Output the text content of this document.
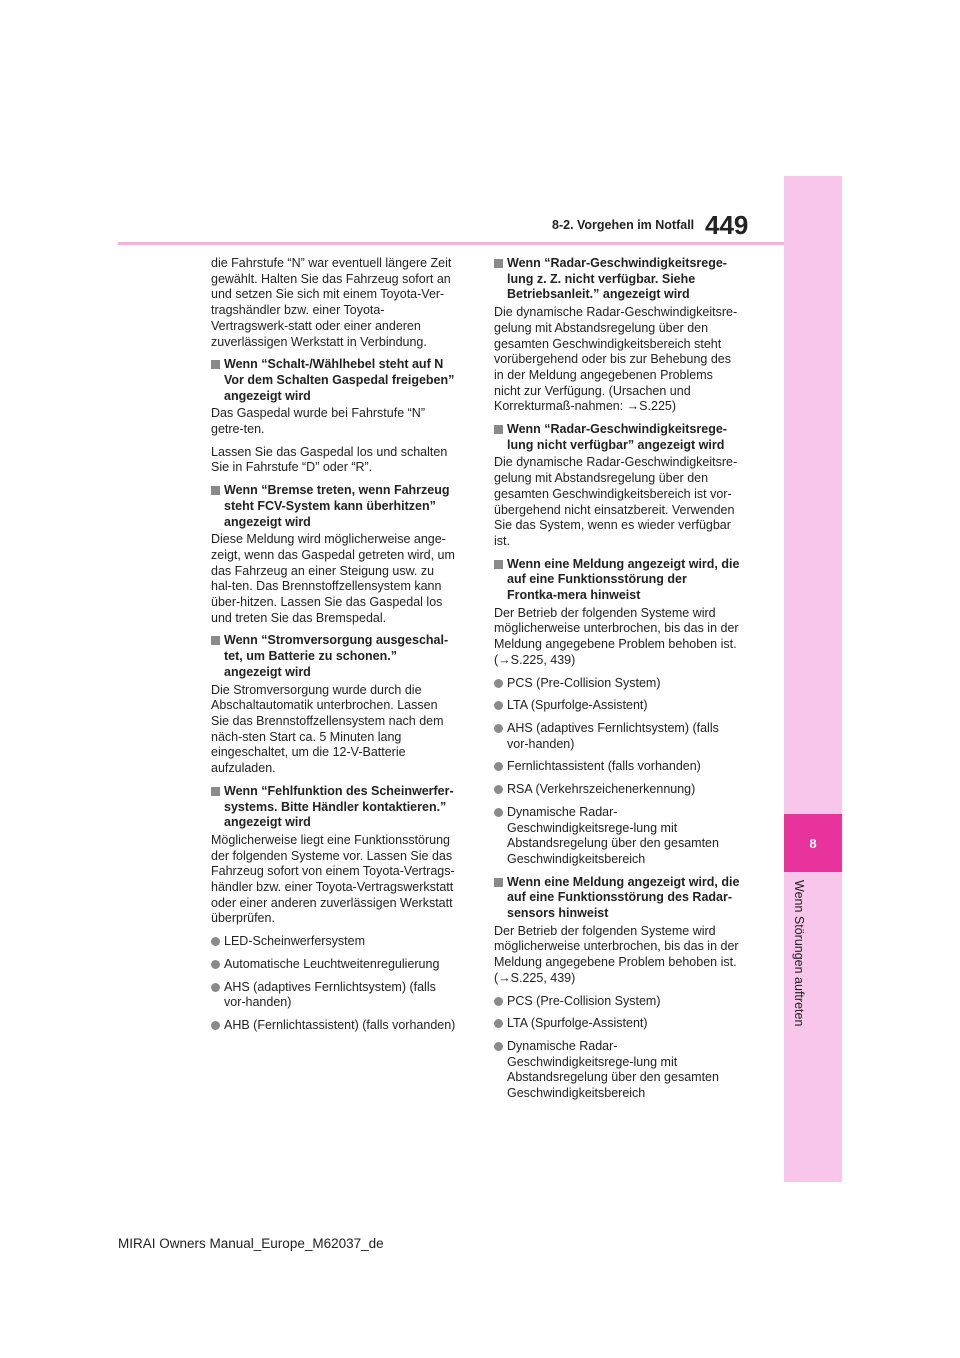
8-2. Vorgehen im Notfall 449
8
Wenn Störungen auftreten

die Fahrstufe “N” war eventuell längere Zeit gewählt. Halten Sie das Fahrzeug sofort an und setzen Sie sich mit einem Toyota-Ver-tragshändler bzw. einer Toyota-Vertragswerk-statt oder einer anderen zuverlässigen Werkstatt in Verbindung.

Wenn “Schalt-/Wählhebel steht auf N Vor dem Schalten Gaspedal freigeben” angezeigt wird

Das Gaspedal wurde bei Fahrstufe “N” getre-ten.

Lassen Sie das Gaspedal los und schalten Sie in Fahrstufe “D” oder “R”.

Wenn “Bremse treten, wenn Fahrzeug steht FCV-System kann überhitzen” angezeigt wird

Diese Meldung wird möglicherweise ange-zeigt, wenn das Gaspedal getreten wird, um das Fahrzeug an einer Steigung usw. zu hal-ten. Das Brennstoffzellensystem kann über-hitzen. Lassen Sie das Gaspedal los und treten Sie das Bremspedal.

Wenn “Stromversorgung ausgeschal-tet, um Batterie zu schonen.” angezeigt wird

Die Stromversorgung wurde durch die Abschaltautomatik unterbrochen. Lassen Sie das Brennstoffzellensystem nach dem näch-sten Start ca. 5 Minuten lang eingeschaltet, um die 12-V-Batterie aufzuladen.

Wenn “Fehlfunktion des Scheinwerfer-systems. Bitte Händler kontaktieren.” angezeigt wird

Möglicherweise liegt eine Funktionsstörung der folgenden Systeme vor. Lassen Sie das Fahrzeug sofort von einem Toyota-Vertrags-händler bzw. einer Toyota-Vertragswerkstatt oder einer anderen zuverlässigen Werkstatt überprüfen.

LED-Scheinwerfersystem
Automatische Leuchtweitenregulierung
AHS (adaptives Fernlichtsystem) (falls vor-handen)
AHB (Fernlichtassistent) (falls vorhanden)
Wenn “Radar-Geschwindigkeitsrege-lung z. Z. nicht verfügbar. Siehe Betriebsanleit.” angezeigt wird

Die dynamische Radar-Geschwindigkeitsre-gelung mit Abstandsregelung über den gesamten Geschwindigkeitsbereich steht vorübergehend oder bis zur Behebung des in der Meldung angegebenen Problems nicht zur Verfügung. (Ursachen und Korrekturmaß-nahmen: →S.225)

Wenn “Radar-Geschwindigkeitsrege-lung nicht verfügbar” angezeigt wird

Die dynamische Radar-Geschwindigkeitsre-gelung mit Abstandsregelung über den gesamten Geschwindigkeitsbereich ist vor-übergehend nicht einsatzbereit. Verwenden Sie das System, wenn es wieder verfügbar ist.

Wenn eine Meldung angezeigt wird, die auf eine Funktionsstörung der Frontka-mera hinweist

Der Betrieb der folgenden Systeme wird möglicherweise unterbrochen, bis das in der Meldung angegebene Problem behoben ist. (→S.225, 439)

PCS (Pre-Collision System)
LTA (Spurfolge-Assistent)
AHS (adaptives Fernlichtsystem) (falls vor-handen)
Fernlichtassistent (falls vorhanden)
RSA (Verkehrszeichenerkennung)
Dynamische Radar-Geschwindigkeitsrege-lung mit Abstandsregelung über den gesamten Geschwindigkeitsbereich
Wenn eine Meldung angezeigt wird, die auf eine Funktionsstörung des Radar-sensors hinweist

Der Betrieb der folgenden Systeme wird möglicherweise unterbrochen, bis das in der Meldung angegebene Problem behoben ist. (→S.225, 439)

PCS (Pre-Collision System)
LTA (Spurfolge-Assistent)
Dynamische Radar-Geschwindigkeitsrege-lung mit Abstandsregelung über den gesamten Geschwindigkeitsbereich
MIRAI Owners Manual_Europe_M62037_de
